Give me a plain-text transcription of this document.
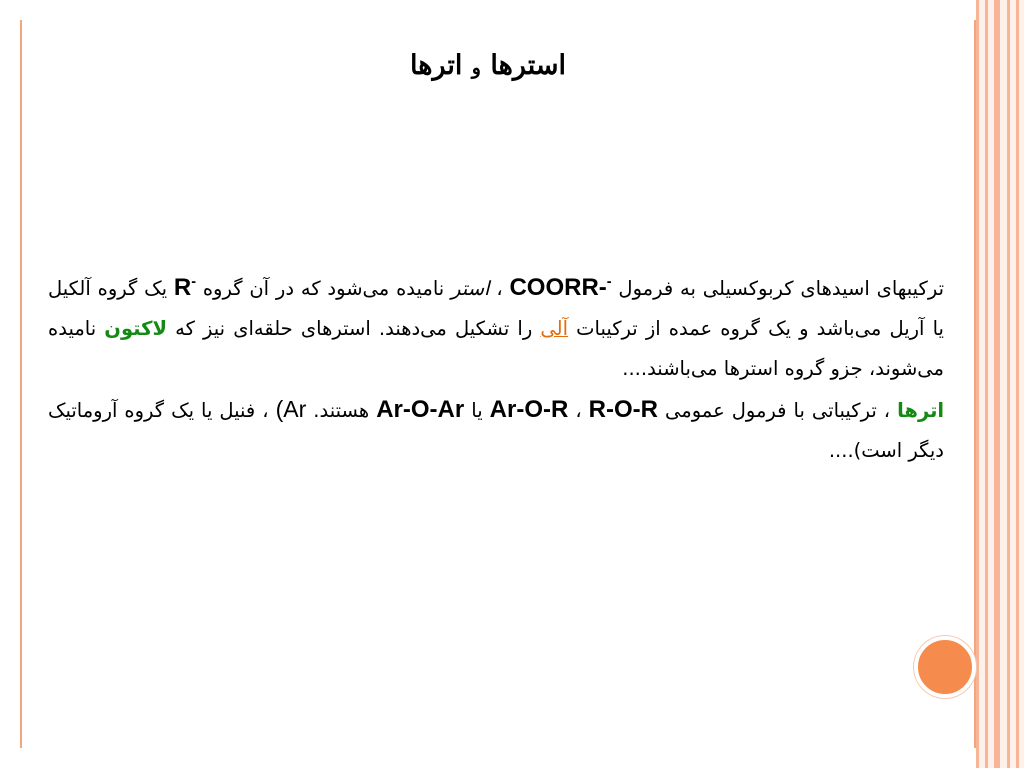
استرها و اترها
ترکیبهای اسیدهای کربوکسیلی به فرمول COORR-- ، استر نامیده می‌شود که در آن گروه R- یک گروه آلکیل یا آریل می‌باشد و یک گروه عمده از ترکیبات آلی را تشکیل می‌دهند. استرهای حلقه‌ای نیز که لاکتون نامیده می‌شوند، جزو گروه استرها می‌باشند....
اترها ، ترکیباتی با فرمول عمومی R-O-R ، Ar-O-R یا Ar-O-Ar هستند. (Ar ، فنیل یا یک گروه آروماتیک دیگر است)....
